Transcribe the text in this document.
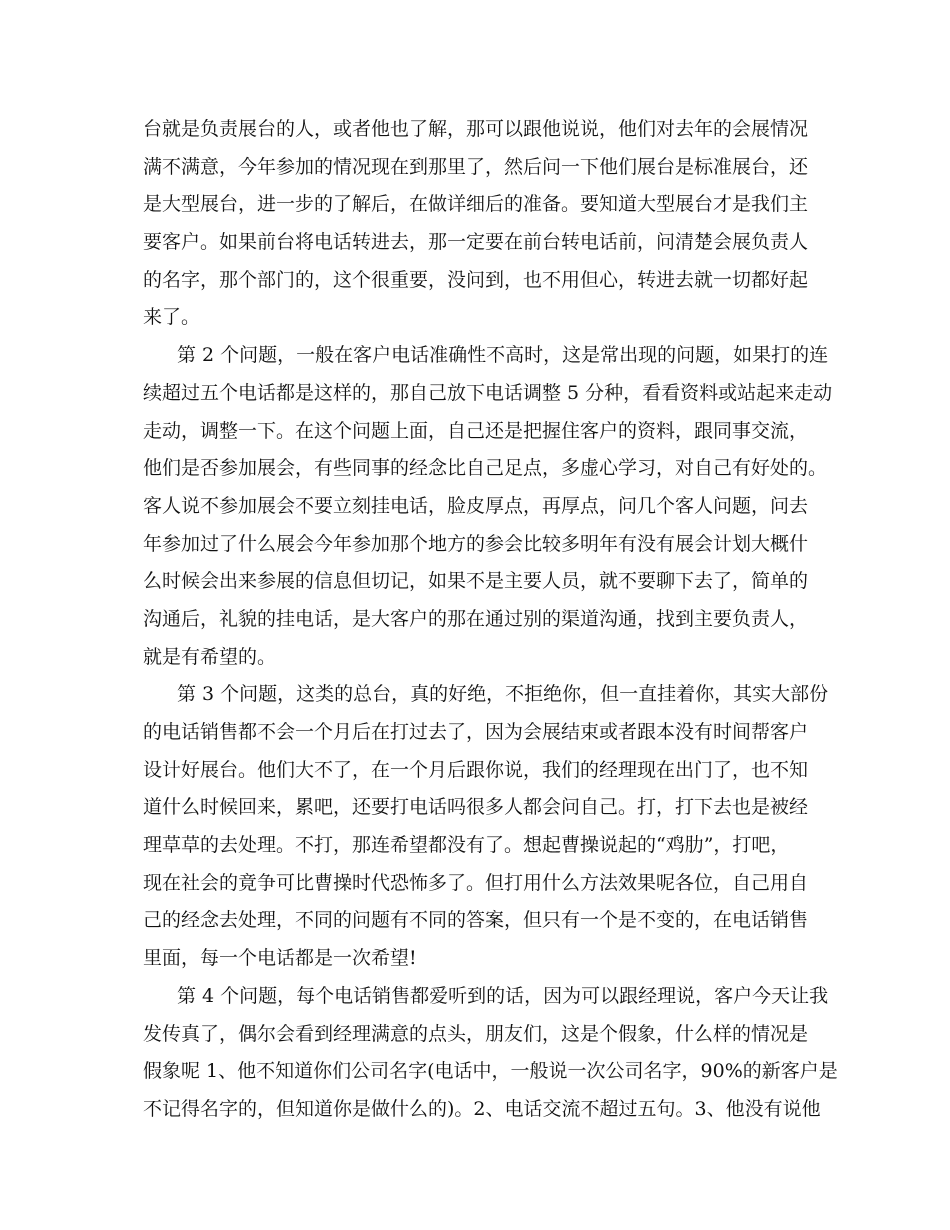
台就是负责展台的人，或者他也了解，那可以跟他说说，他们对去年的会展情况
满不满意，今年参加的情况现在到那里了，然后问一下他们展台是标准展台，还
是大型展台，进一步的了解后，在做详细后的准备。要知道大型展台才是我们主
要客户。如果前台将电话转进去，那一定要在前台转电话前，问清楚会展负责人
的名字，那个部门的，这个很重要，没问到，也不用但心，转进去就一切都好起
来了。
第 2 个问题，一般在客户电话准确性不高时，这是常出现的问题，如果打的连
续超过五个电话都是这样的，那自己放下电话调整 5 分种，看看资料或站起来走动
走动，调整一下。在这个问题上面，自己还是把握住客户的资料，跟同事交流，
他们是否参加展会，有些同事的经念比自己足点，多虚心学习，对自己有好处的。
客人说不参加展会不要立刻挂电话，脸皮厚点，再厚点，问几个客人问题，问去
年参加过了什么展会今年参加那个地方的参会比较多明年有没有展会计划大概什
么时候会出来参展的信息但切记，如果不是主要人员，就不要聊下去了，简单的
沟通后，礼貌的挂电话，是大客户的那在通过别的渠道沟通，找到主要负责人，
就是有希望的。
第 3 个问题，这类的总台，真的好绝，不拒绝你，但一直挂着你，其实大部份
的电话销售都不会一个月后在打过去了，因为会展结束或者跟本没有时间帮客户
设计好展台。他们大不了，在一个月后跟你说，我们的经理现在出门了，也不知
道什么时候回来，累吧，还要打电话吗很多人都会问自己。打，打下去也是被经
理草草的去处理。不打，那连希望都没有了。想起曹操说起的“鸡肋”，打吧，
现在社会的竟争可比曹操时代恐怖多了。但打用什么方法效果呢各位，自己用自
己的经念去处理，不同的问题有不同的答案，但只有一个是不变的，在电话销售
里面，每一个电话都是一次希望!
第 4 个问题，每个电话销售都爱听到的话，因为可以跟经理说，客户今天让我
发传真了，偶尔会看到经理满意的点头，朋友们，这是个假象，什么样的情况是
假象呢 1、他不知道你们公司名字(电话中，一般说一次公司名字，90%的新客户是
不记得名字的，但知道你是做什么的)。2、电话交流不超过五句。3、他没有说他
